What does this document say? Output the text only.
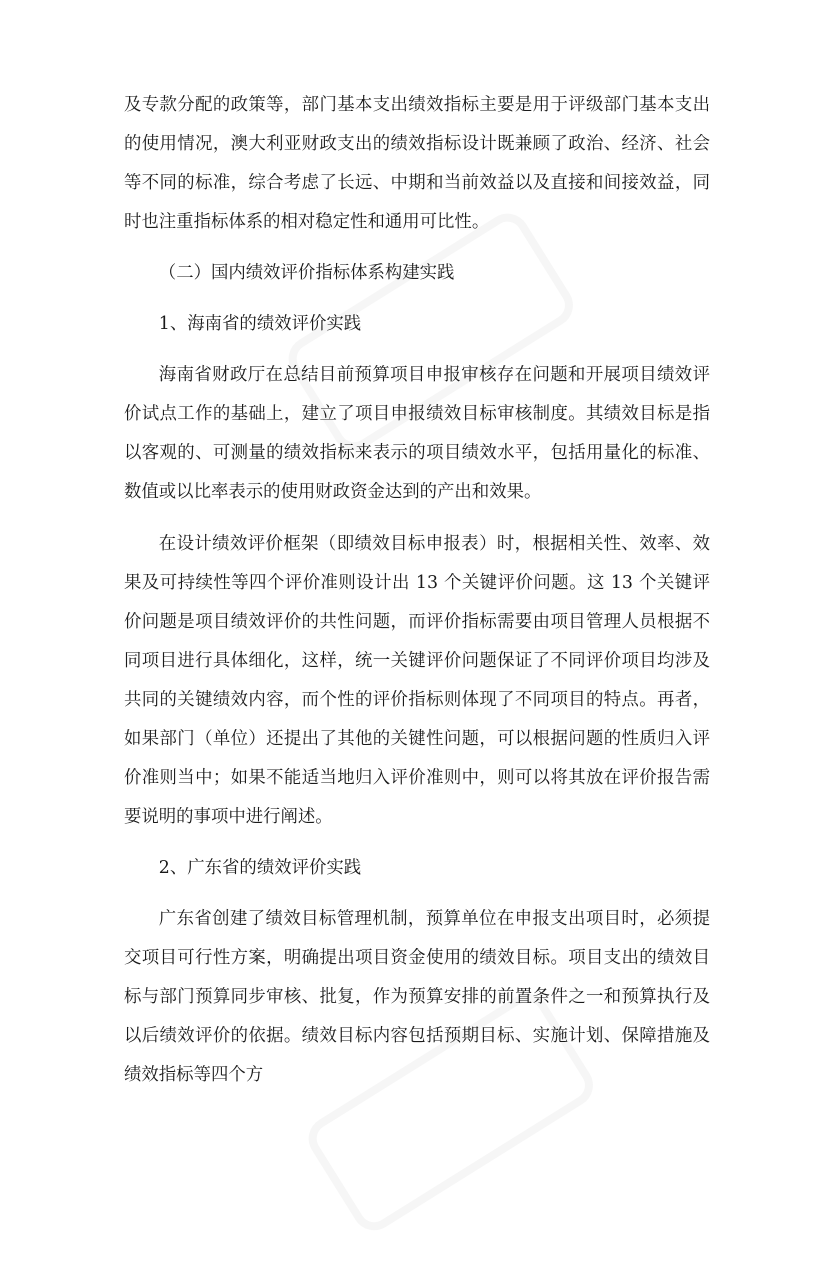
及专款分配的政策等，部门基本支出绩效指标主要是用于评级部门基本支出的使用情况，澳大利亚财政支出的绩效指标设计既兼顾了政治、经济、社会等不同的标准，综合考虑了长远、中期和当前效益以及直接和间接效益，同时也注重指标体系的相对稳定性和通用可比性。

（二）国内绩效评价指标体系构建实践

1、海南省的绩效评价实践

海南省财政厅在总结目前预算项目申报审核存在问题和开展项目绩效评价试点工作的基础上，建立了项目申报绩效目标审核制度。其绩效目标是指以客观的、可测量的绩效指标来表示的项目绩效水平，包括用量化的标准、数值或以比率表示的使用财政资金达到的产出和效果。

在设计绩效评价框架（即绩效目标申报表）时，根据相关性、效率、效果及可持续性等四个评价准则设计出 13 个关键评价问题。这 13 个关键评价问题是项目绩效评价的共性问题，而评价指标需要由项目管理人员根据不同项目进行具体细化，这样，统一关键评价问题保证了不同评价项目均涉及共同的关键绩效内容，而个性的评价指标则体现了不同项目的特点。再者，如果部门（单位）还提出了其他的关键性问题，可以根据问题的性质归入评价准则当中；如果不能适当地归入评价准则中，则可以将其放在评价报告需要说明的事项中进行阐述。

2、广东省的绩效评价实践

广东省创建了绩效目标管理机制，预算单位在申报支出项目时，必须提交项目可行性方案，明确提出项目资金使用的绩效目标。项目支出的绩效目标与部门预算同步审核、批复，作为预算安排的前置条件之一和预算执行及以后绩效评价的依据。绩效目标内容包括预期目标、实施计划、保障措施及绩效指标等四个方
